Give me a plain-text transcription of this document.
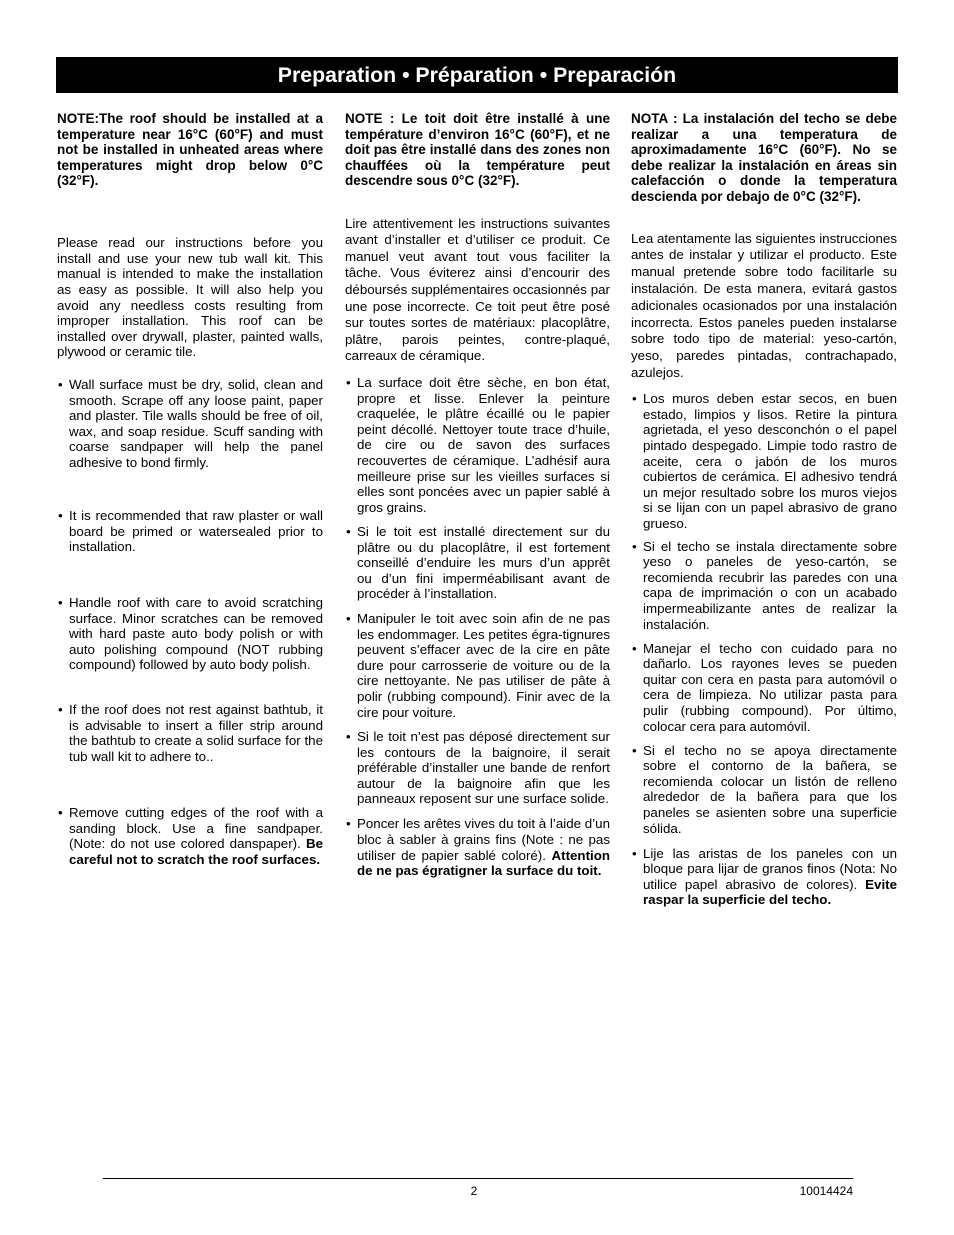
Preparation • Préparation • Preparación

NOTE:The roof should be installed at a temperature near 16°C (60°F) and must not be installed in unheated areas where temperatures might drop below 0°C (32°F).

Please read our instructions before you install and use your new tub wall kit. This manual is intended to make the installation as easy as possible. It will also help you avoid any needless costs resulting from improper installation. This roof can be installed over drywall, plaster, painted walls, plywood or ceramic tile.

• Wall surface must be dry, solid, clean and smooth. Scrape off any loose paint, paper and plaster. Tile walls should be free of oil, wax, and soap residue. Scuff sanding with coarse sandpaper will help the panel adhesive to bond firmly.
• It is recommended that raw plaster or wall board be primed or watersealed prior to installation.
• Handle roof with care to avoid scratching surface. Minor scratches can be removed with hard paste auto body polish or with auto polishing compound (NOT rubbing compound) followed by auto body polish.
• If the roof does not rest against bathtub, it is advisable to insert a filler strip around the bathtub to create a solid surface for the tub wall kit to adhere to..
• Remove cutting edges of the roof with a sanding block. Use a fine sandpaper. (Note: do not use colored danspaper). Be careful not to scratch the roof surfaces.

NOTE : Le toit doit être installé à une température d’environ 16°C (60°F), et ne doit pas être installé dans des zones non chauffées où la température peut descendre sous 0°C (32°F).

Lire attentivement les instructions suivantes avant d’installer et d’utiliser ce produit. Ce manuel veut avant tout vous faciliter la tâche. Vous éviterez ainsi d’encourir des déboursés supplémentaires occasionnés par une pose incorrecte. Ce toit peut être posé sur toutes sortes de matériaux: placoplâtre, plâtre, parois peintes, contre-plaqué, carreaux de céramique.

• La surface doit être sèche, en bon état, propre et lisse. Enlever la peinture craquelée, le plâtre écaillé ou le papier peint décollé. Nettoyer toute trace d’huile, de cire ou de savon des surfaces recouvertes de céramique. L’adhésif aura meilleure prise sur les vieilles surfaces si elles sont poncées avec un papier sablé à gros grains.
• Si le toit est installé directement sur du plâtre ou du placoplâtre, il est fortement conseillé d’enduire les murs d’un apprêt ou d’un fini imperméabilisant avant de procéder à l’installation.
• Manipuler le toit avec soin afin de ne pas les endommager. Les petites égra-tignures peuvent s’effacer avec de la cire en pâte dure pour carrosserie de voiture ou de la cire nettoyante. Ne pas utiliser de pâte à polir (rubbing compound). Finir avec de la cire pour voiture.
• Si le toit n’est pas déposé directement sur les contours de la baignoire, il serait préférable d’installer une bande de renfort autour de la baignoire afin que les panneaux reposent sur une surface solide.
• Poncer les arêtes vives du toit à l’aide d’un bloc à sabler à grains fins (Note : ne pas utiliser de papier sablé coloré). Attention de ne pas égratigner la surface du toit.

NOTA : La instalación del techo se debe realizar a una temperatura de aproximadamente 16°C (60°F). No se debe realizar la instalación en áreas sin calefacción o donde la temperatura descienda por debajo de 0°C (32°F).

Lea atentamente las siguientes instrucciones antes de instalar y utilizar el producto. Este manual pretende sobre todo facilitarle su instalación. De esta manera, evitará gastos adicionales ocasionados por una instalación incorrecta. Estos paneles pueden instalarse sobre todo tipo de material: yeso-cartón, yeso, paredes pintadas, contrachapado, azulejos.

• Los muros deben estar secos, en buen estado, limpios y lisos. Retire la pintura agrietada, el yeso desconchón o el papel pintado despegado. Limpie todo rastro de aceite, cera o jabón de los muros cubiertos de cerámica. El adhesivo tendrá un mejor resultado sobre los muros viejos si se lijan con un papel abrasivo de grano grueso.
• Si el techo se instala directamente sobre yeso o paneles de yeso-cartón, se recomienda recubrir las paredes con una capa de imprimación o con un acabado impermeabilizante antes de realizar la instalación.
• Manejar el techo con cuidado para no dañarlo. Los rayones leves se pueden quitar con cera en pasta para automóvil o cera de limpieza. No utilizar pasta para pulir (rubbing compound). Por último, colocar cera para automóvil.
• Si el techo no se apoya directamente sobre el contorno de la bañera, se recomienda colocar un listón de relleno alrededor de la bañera para que los paneles se asienten sobre una superficie sólida.
• Lije las aristas de los paneles con un bloque para lijar de granos finos (Nota: No utilice papel abrasivo de colores). Evite raspar la superficie del techo.
2	10014424
